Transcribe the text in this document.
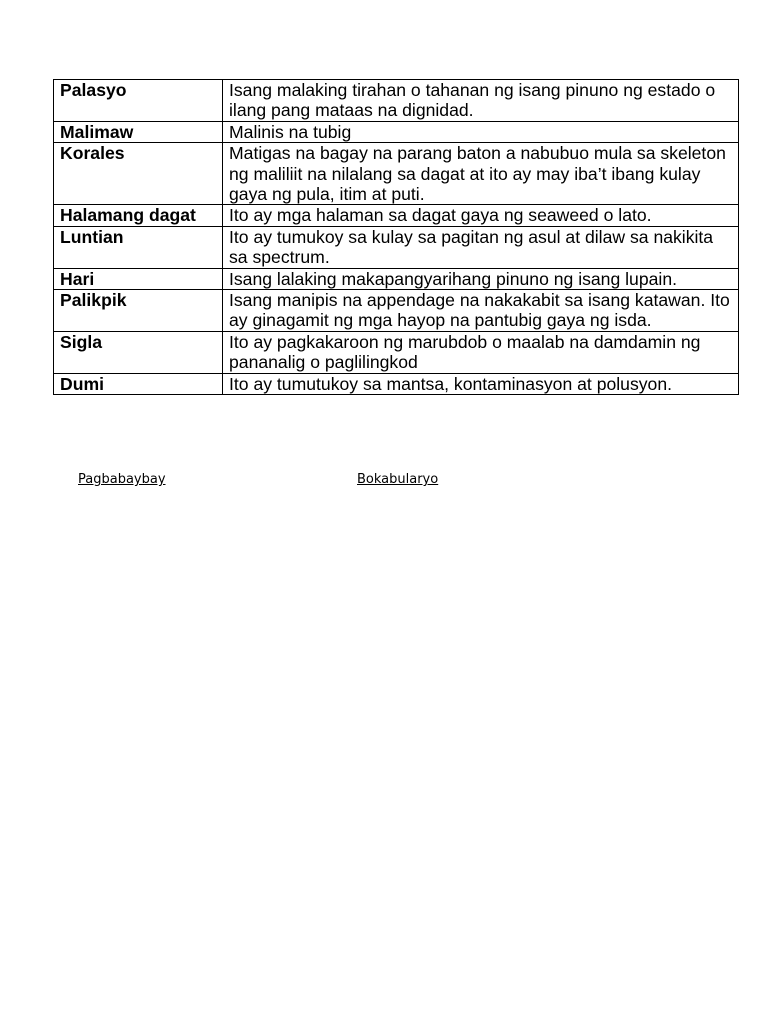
Palasyo	Isang malaking tirahan o tahanan ng isang pinuno ng estado o ilang pang mataas na dignidad.
Malimaw	Malinis na tubig
Korales	Matigas na bagay na parang baton a nabubuo mula sa skeleton ng maliliit na nilalang sa dagat at ito ay may iba’t ibang kulay gaya ng pula, itim at puti.
Halamang dagat	Ito ay mga halaman sa dagat gaya ng seaweed o lato.
Luntian	Ito ay tumukoy sa kulay sa pagitan ng asul at dilaw sa nakikita sa spectrum.
Hari	Isang lalaking makapangyarihang pinuno ng isang lupain.
Palikpik	Isang manipis na appendage na nakakabit sa isang katawan. Ito ay ginagamit ng mga hayop na pantubig gaya ng isda.
Sigla	Ito ay pagkakaroon ng marubdob o maalab na damdamin ng pananalig o paglilingkod
Dumi	Ito ay tumutukoy sa mantsa, kontaminasyon at polusyon.
Pagbabaybay	Bokabularyo
